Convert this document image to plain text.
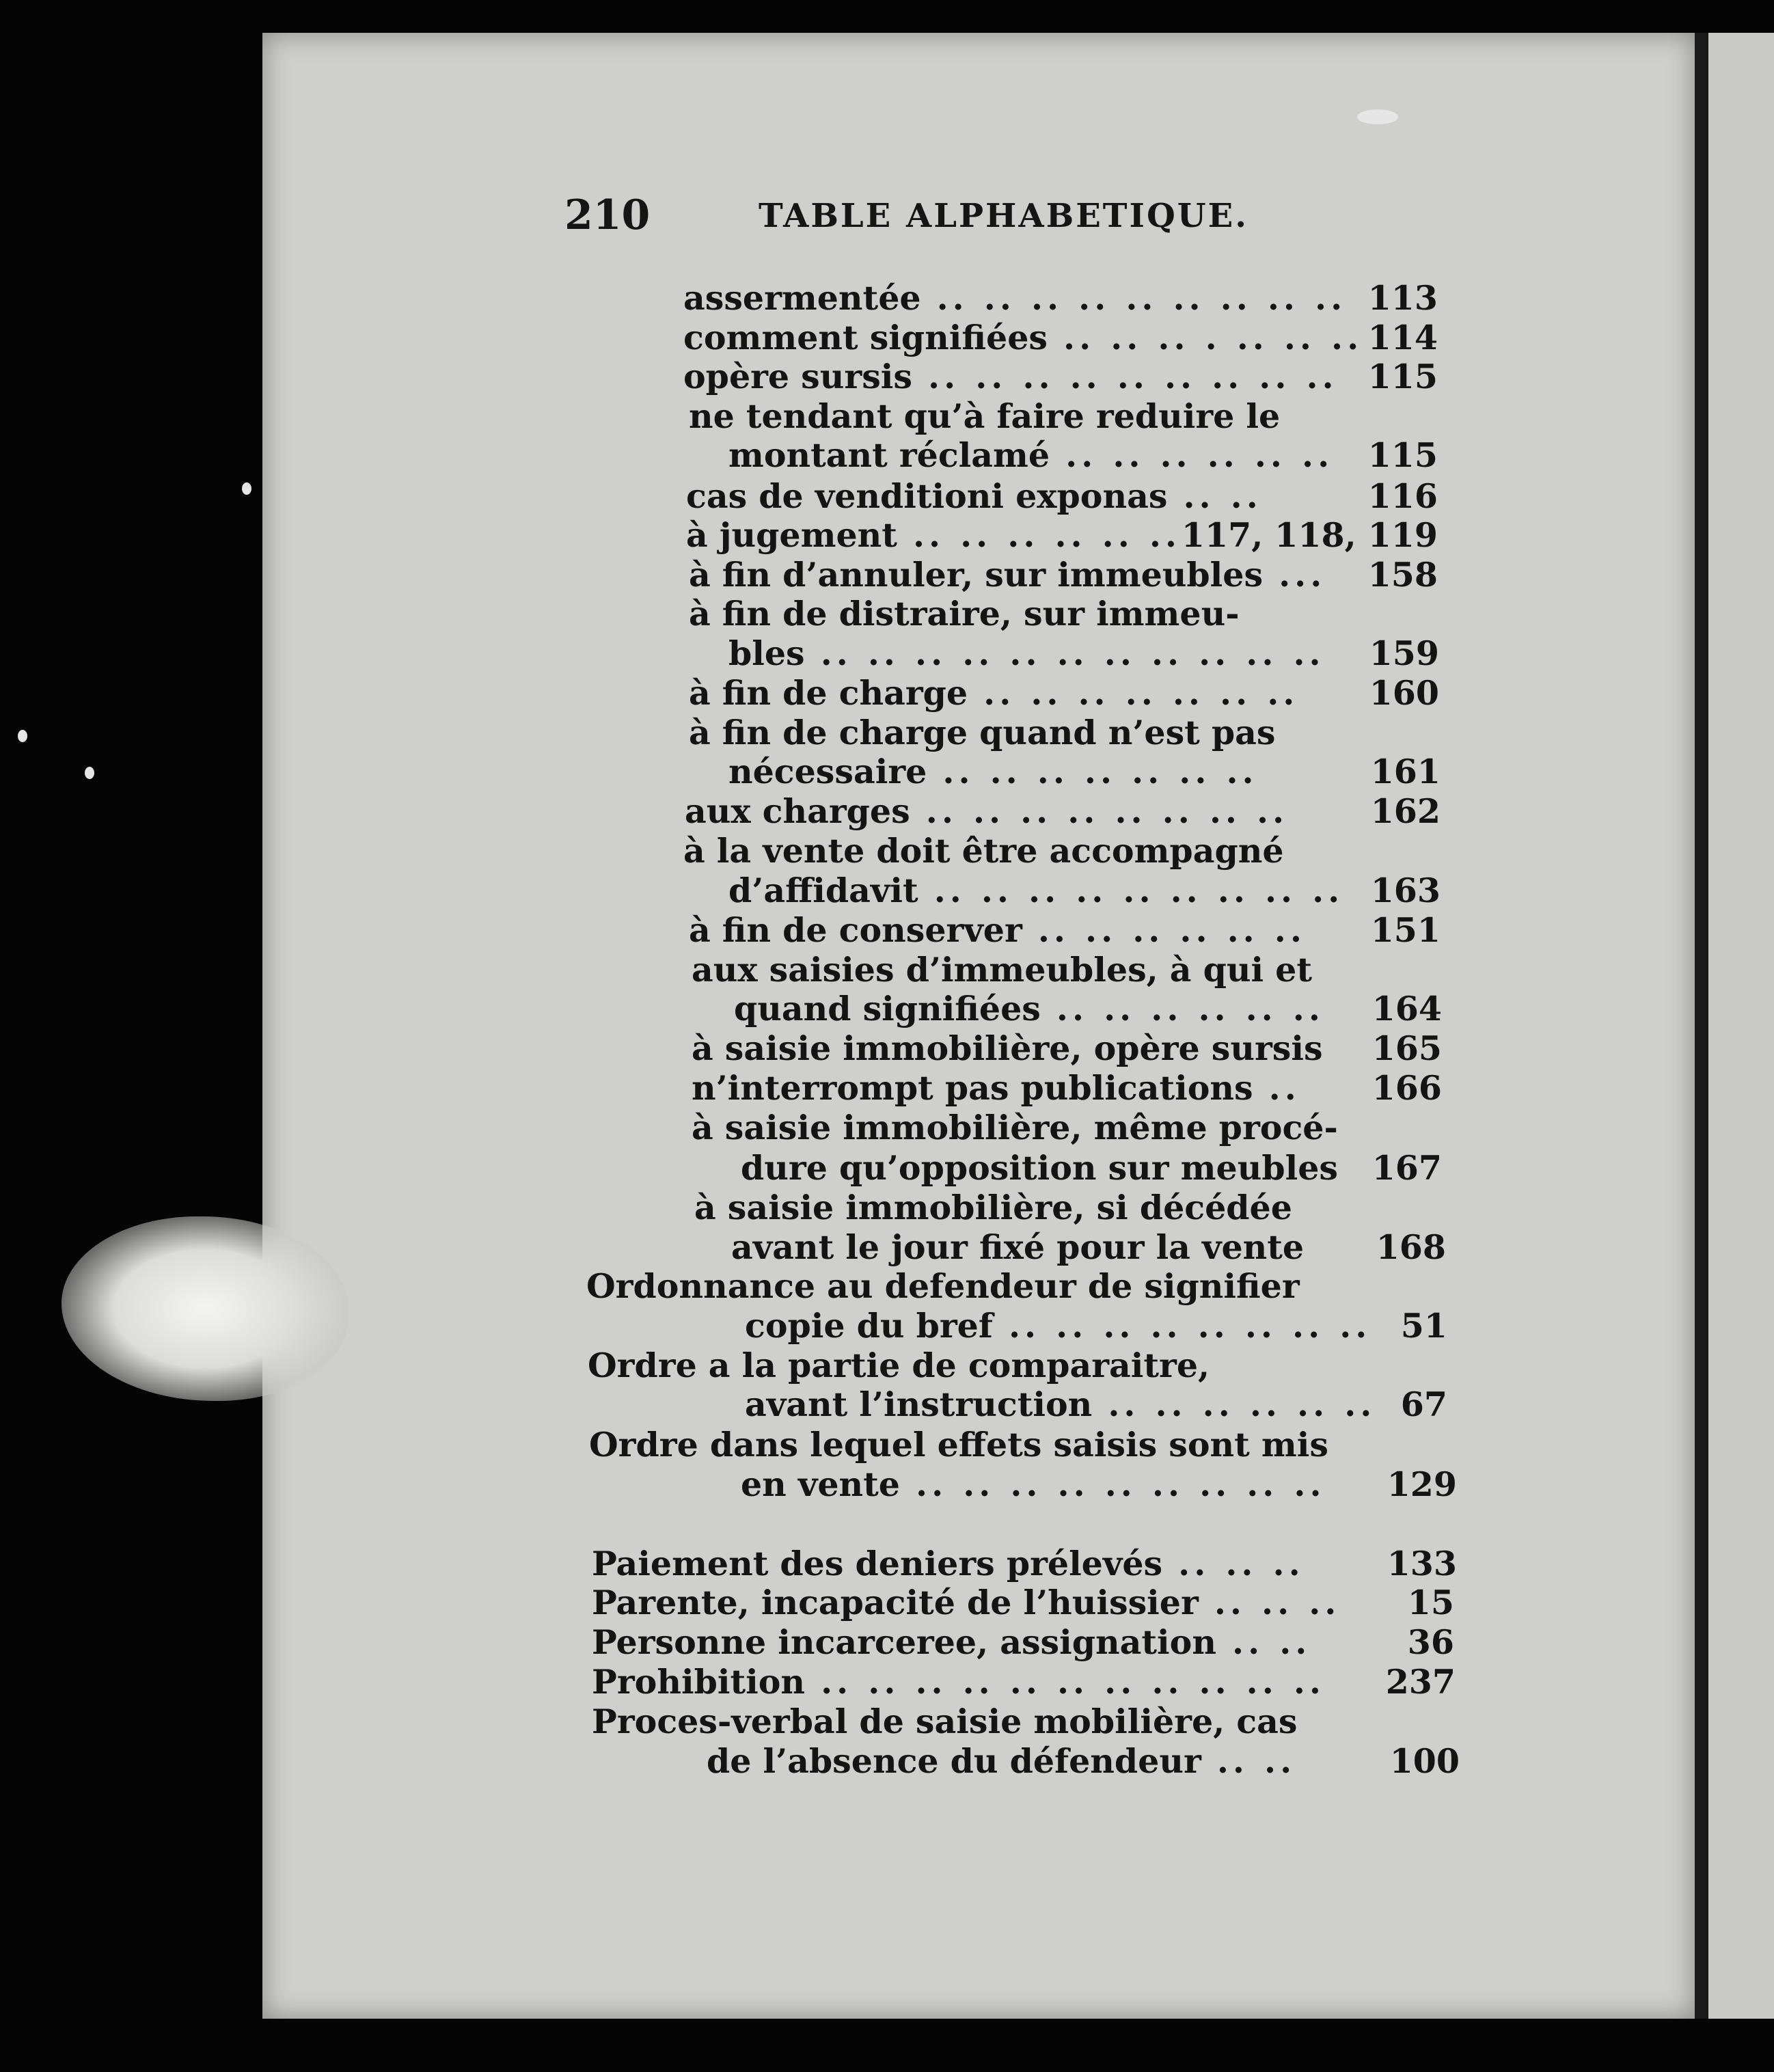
210	TABLE ALPHABETIQUE.
assermentée .. .. .. .. .. .. .. .. .. 113
comment signifiées .. .. .. . .. .. .. 114
opère sursis .. .. .. .. .. .. .. .. .. 115
ne tendant qu’à faire reduire le
montant réclamé .. .. .. .. .. ..	115
cas de venditioni exponas .. ..	116
à jugement .. .. .. .. .. .. 117, 118, 119
à fin d’annuler, sur immeubles ...	158
à fin de distraire, sur immeu-
bles .. .. .. .. .. .. .. .. .. .. ..	159
à fin de charge .. .. .. .. .. .. ..	160
à fin de charge quand n’est pas
nécessaire .. .. .. .. .. .. ..	161
aux charges .. .. .. .. .. .. .. ..	162
à la vente doit être accompagné
d’affidavit .. .. .. .. .. .. .. .. .. 163
à fin de conserver .. .. .. .. .. ..	151
aux saisies d’immeubles, à qui et
quand signifiées .. .. .. .. .. ..	164
à saisie immobilière, opère sursis	165
n’interrompt pas publications ..	166
à saisie immobilière, même procé-
dure qu’opposition sur meubles	167
à saisie immobilière, si décédée
avant le jour fixé pour la vente	168
Ordonnance au defendeur de signifier
copie du bref .. .. .. .. .. .. .. .. 51
Ordre a la partie de comparaitre,
avant l’instruction .. .. .. .. .. .. 67
Ordre dans lequel effets saisis sont mis
en vente .. .. .. .. .. .. .. .. ..	129
Paiement des deniers prélevés .. .. ..	133
Parente, incapacité de l’huissier .. .. ..	15
Personne incarceree, assignation .. ..	36
Prohibition .. .. .. .. .. .. .. .. .. .. ..	237
Proces-verbal de saisie mobilière, cas
de l’absence du défendeur .. ..	100
